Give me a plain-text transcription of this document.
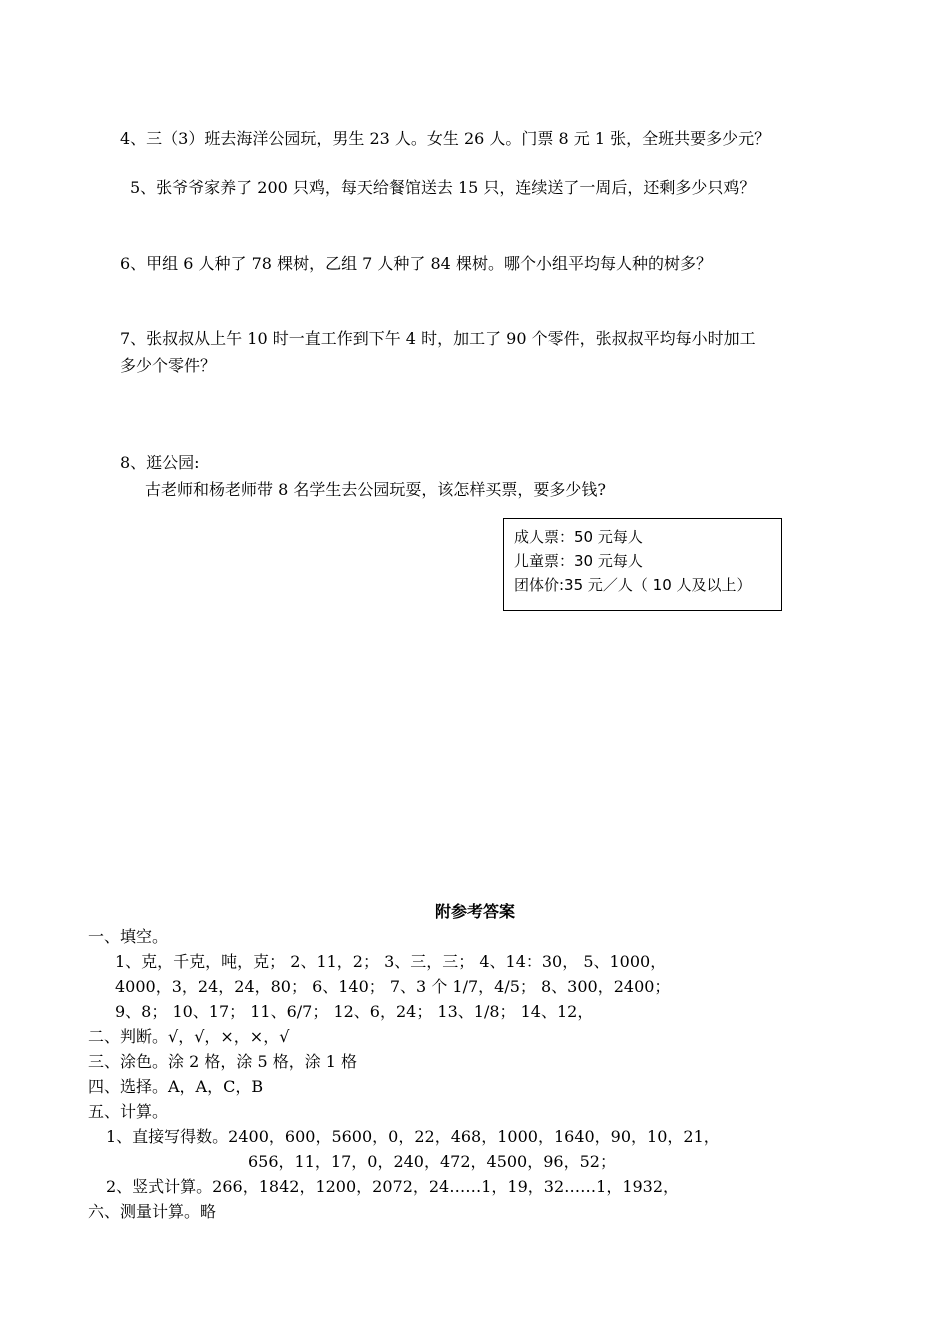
4、三（3）班去海洋公园玩，男生 23 人。女生 26 人。门票 8 元 1 张，全班共要多少元？
5、张爷爷家养了 200 只鸡，每天给餐馆送去 15 只，连续送了一周后，还剩多少只鸡？
6、甲组 6 人种了 78 棵树，乙组 7 人种了 84 棵树。哪个小组平均每人种的树多？
7、张叔叔从上午 10 时一直工作到下午 4 时，加工了 90 个零件，张叔叔平均每小时加工
多少个零件？
8、逛公园:
古老师和杨老师带 8 名学生去公园玩耍，该怎样买票，要多少钱?
成人票：50 元每人
儿童票：30 元每人
团体价:35 元／人（ 10 人及以上）
附参考答案
一、填空。
1、克，千克，吨，克； 2、11，2； 3、三，三； 4、14：30， 5、1000，
4000，3，24，24，80； 6、140； 7、3 个 1/7，4/5； 8、300，2400；
9、8； 10、17； 11、6/7； 12、6，24； 13、1/8； 14、12，
二、判断。√，√，×，×，√
三、涂色。涂 2 格，涂 5 格，涂 1 格
四、选择。A，A，C，B
五、计算。
1、直接写得数。2400，600，5600，0，22，468，1000，1640，90，10，21，
656，11，17，0，240，472，4500，96，52；
2、竖式计算。266，1842，1200，2072，24……1，19，32……1，1932，
六、测量计算。略
